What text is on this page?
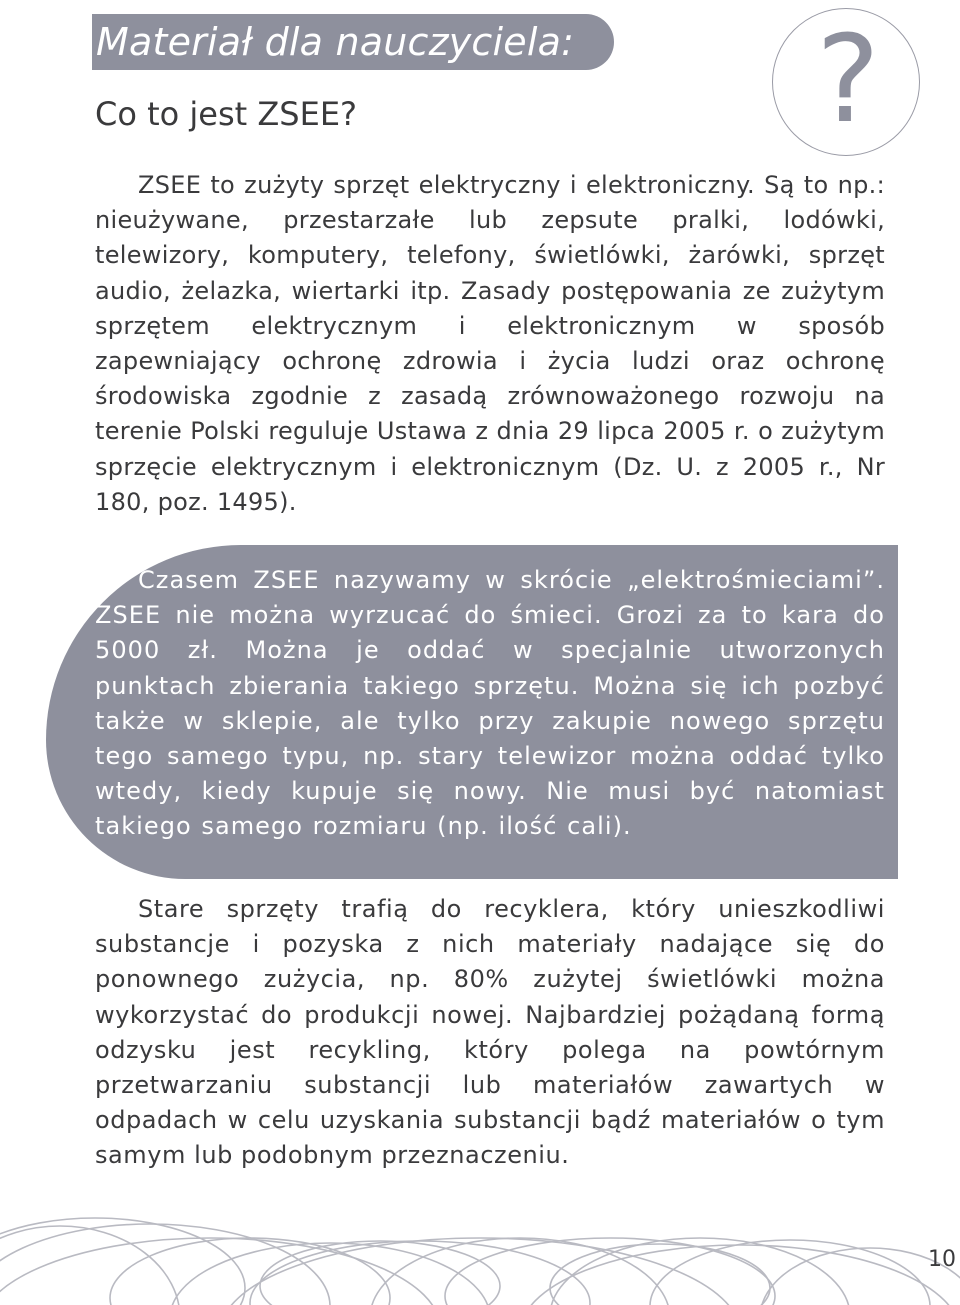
Materiał dla nauczyciela: ?
Co to jest ZSEE?

ZSEE to zużyty sprzęt elektryczny i elektroniczny. Są to np.: nieużywane, przestarzałe lub zepsute pralki, lodówki, telewizory, komputery, telefony, świetlówki, żarówki, sprzęt audio, żelazka, wiertarki itp. Zasady postępowania ze zużytym sprzętem elektrycznym i elektronicznym w sposób zapewniający ochronę zdrowia i życia ludzi oraz ochronę środowiska zgodnie z zasadą zrównoważonego rozwoju na terenie Polski reguluje Ustawa z dnia 29 lipca 2005 r. o zużytym sprzęcie elektrycznym i elektronicznym (Dz. U. z 2005 r., Nr 180, poz. 1495).

Czasem ZSEE nazywamy w skrócie „elektrośmieciami”. ZSEE nie można wyrzucać do śmieci. Grozi za to kara do 5000 zł. Można je oddać w specjalnie utworzonych punktach zbierania takiego sprzętu. Można się ich pozbyć także w sklepie, ale tylko przy zakupie nowego sprzętu tego samego typu, np. stary telewizor można oddać tylko wtedy, kiedy kupuje się nowy. Nie musi być natomiast takiego samego rozmiaru (np. ilość cali).

Stare sprzęty trafią do recyklera, który unieszkodliwi substancje i pozyska z nich materiały nadające się do ponownego zużycia, np. 80% zużytej świetlówki można wykorzystać do produkcji nowej. Najbardziej pożądaną formą odzysku jest recykling, który polega na powtórnym przetwarzaniu substancji lub materiałów zawartych w odpadach w celu uzyskania substancji bądź materiałów o tym samym lub podobnym przeznaczeniu.

10
